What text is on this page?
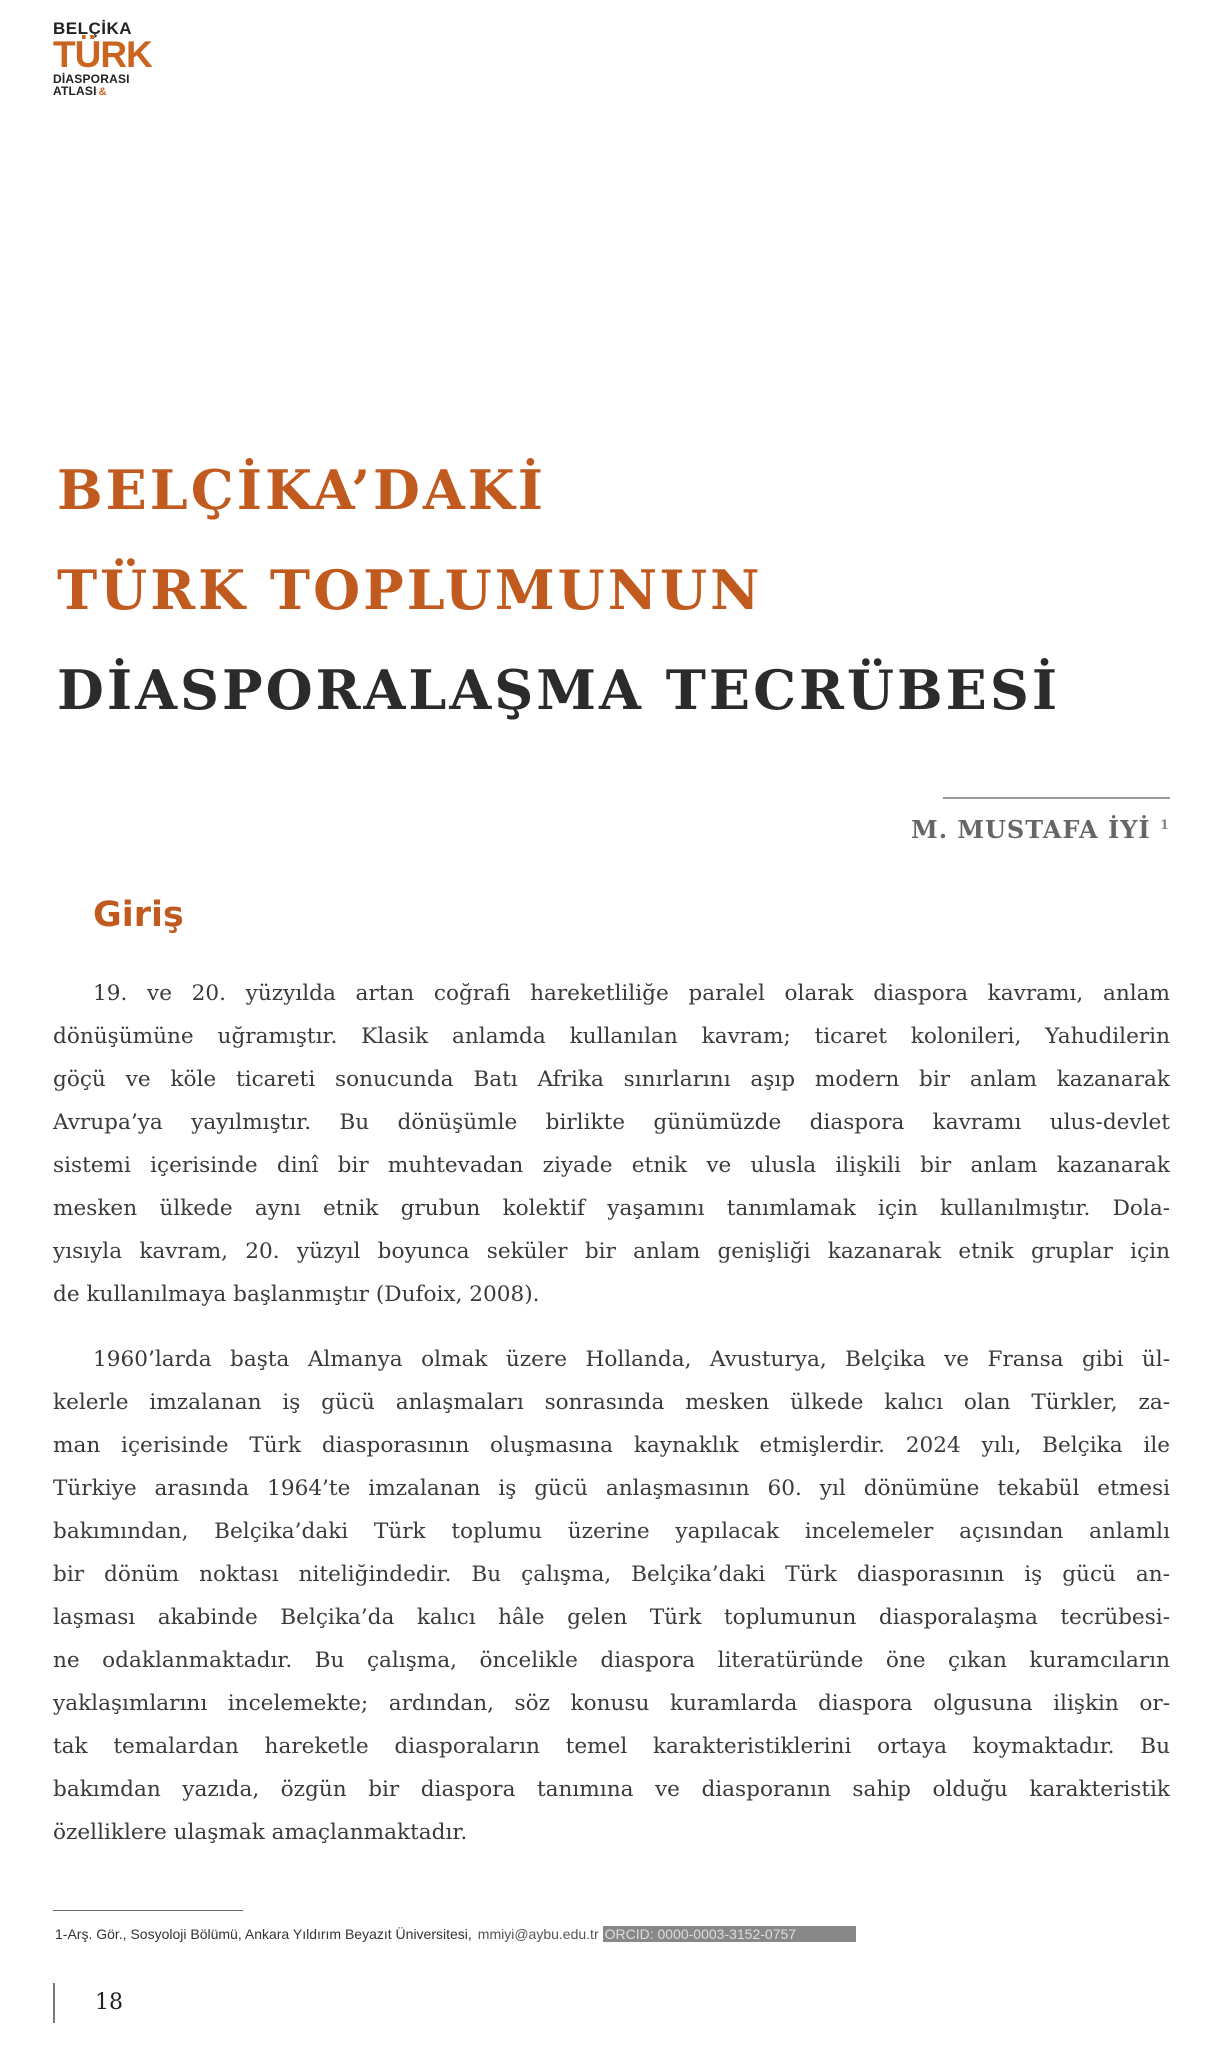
BELÇİKA
TÜRK
DİASPORASI
ATLASI &
BELÇİKA’DAKİ
TÜRK TOPLUMUNUN
DİASPORALAŞMA TECRÜBESİ
M. MUSTAFA İYİ $^1$
Giriş
19. ve 20. yüzyılda artan coğrafi hareketliliğe paralel olarak diaspora kavramı, anlam
dönüşümüne uğramıştır. Klasik anlamda kullanılan kavram; ticaret kolonileri, Yahudilerin
göçü ve köle ticareti sonucunda Batı Afrika sınırlarını aşıp modern bir anlam kazanarak
Avrupa’ya yayılmıştır. Bu dönüşümle birlikte günümüzde diaspora kavramı ulus-devlet
sistemi içerisinde dinî bir muhtevadan ziyade etnik ve ulusla ilişkili bir anlam kazanarak
mesken ülkede aynı etnik grubun kolektif yaşamını tanımlamak için kullanılmıştır. Dola-
yısıyla kavram, 20. yüzyıl boyunca seküler bir anlam genişliği kazanarak etnik gruplar için
de kullanılmaya başlanmıştır (Dufoix, 2008).
1960’larda başta Almanya olmak üzere Hollanda, Avusturya, Belçika ve Fransa gibi ül-
kelerle imzalanan iş gücü anlaşmaları sonrasında mesken ülkede kalıcı olan Türkler, za-
man içerisinde Türk diasporasının oluşmasına kaynaklık etmişlerdir. 2024 yılı, Belçika ile
Türkiye arasında 1964’te imzalanan iş gücü anlaşmasının 60. yıl dönümüne tekabül etmesi
bakımından, Belçika’daki Türk toplumu üzerine yapılacak incelemeler açısından anlamlı
bir dönüm noktası niteliğindedir. Bu çalışma, Belçika’daki Türk diasporasının iş gücü an-
laşması akabinde Belçika’da kalıcı hâle gelen Türk toplumunun diasporalaşma tecrübesi-
ne odaklanmaktadır. Bu çalışma, öncelikle diaspora literatüründe öne çıkan kuramcıların
yaklaşımlarını incelemekte; ardından, söz konusu kuramlarda diaspora olgusuna ilişkin or-
tak temalardan hareketle diasporaların temel karakteristiklerini ortaya koymaktadır. Bu
bakımdan yazıda, özgün bir diaspora tanımına ve diasporanın sahip olduğu karakteristik
özelliklere ulaşmak amaçlanmaktadır.
1-Arş. Gör., Sosyoloji Bölümü, Ankara Yıldırım Beyazıt Üniversitesi, mmiyi@aybu.edu.tr ORCID: 0000-0003-3152-0757
18
